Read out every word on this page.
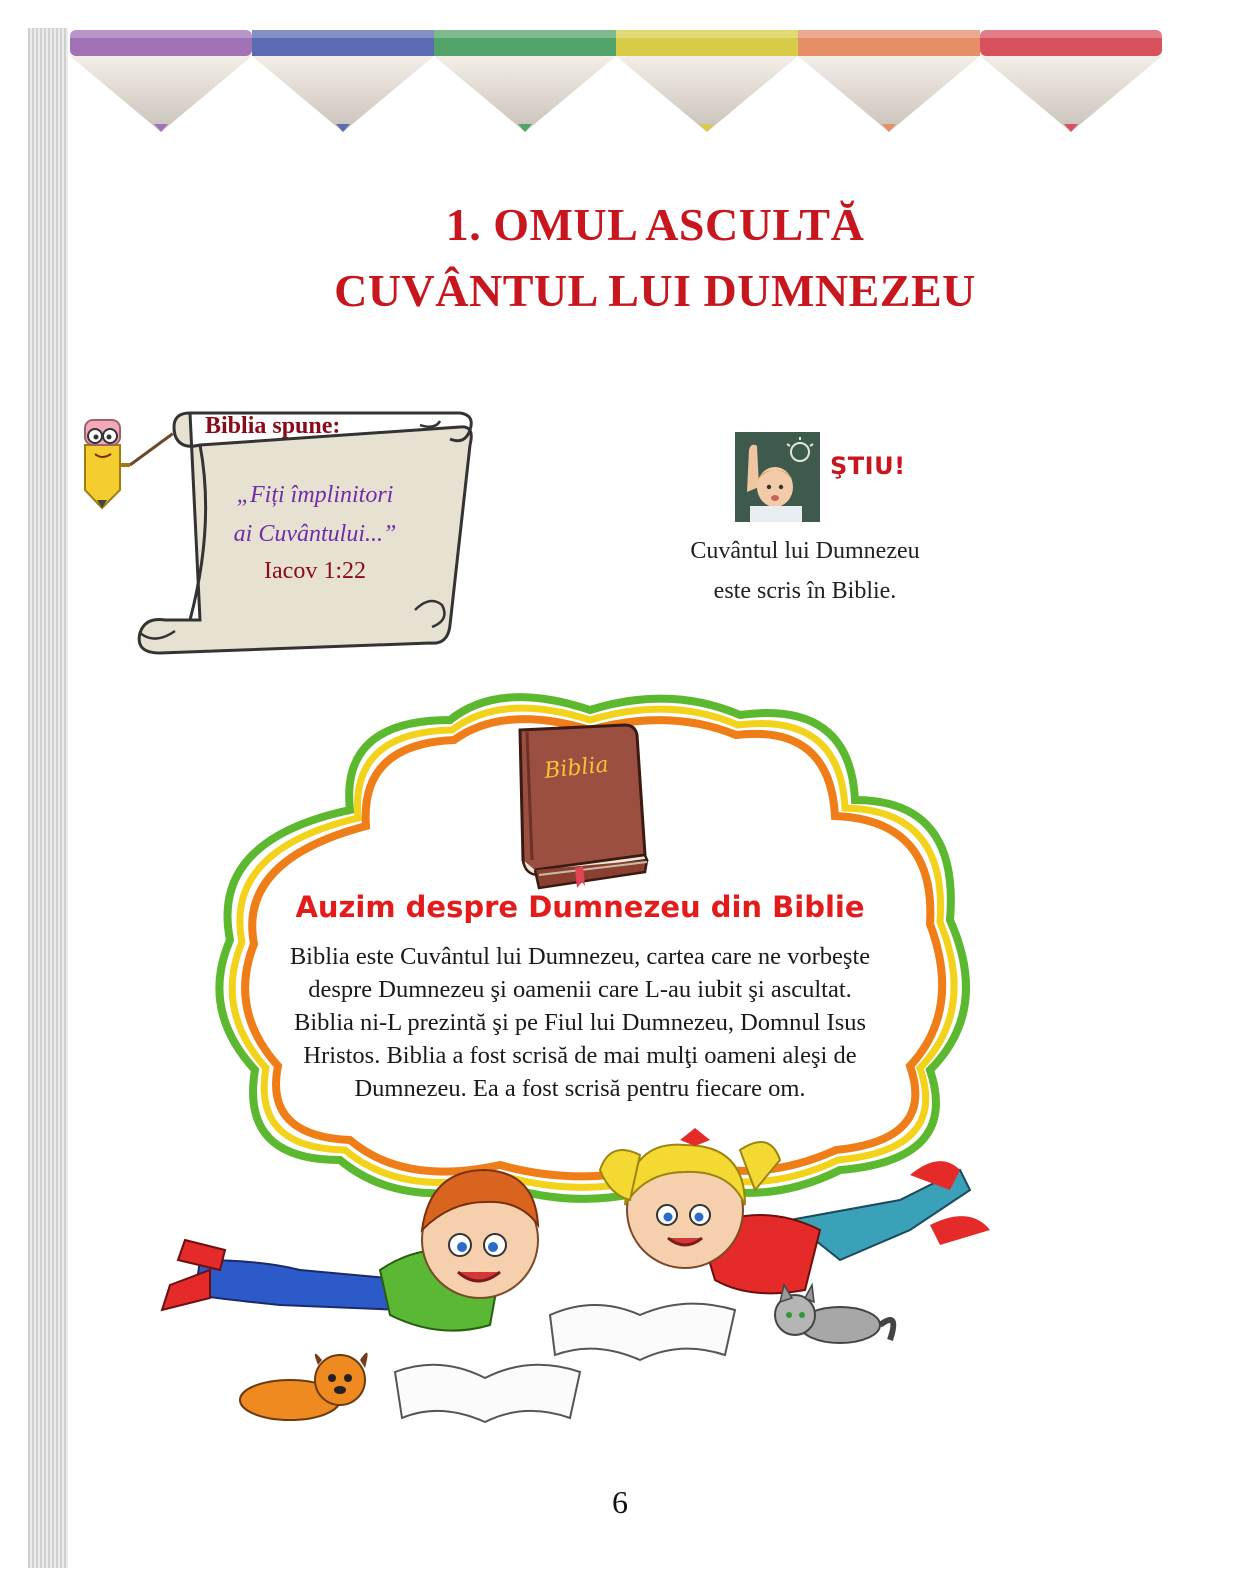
1. OMUL ASCULTĂ
CUVÂNTUL LUI DUMNEZEU
Biblia spune:
„Fiți împlinitori
ai Cuvântului...”
Iacov 1:22
ŞTIU!
Cuvântul lui Dumnezeu
este scris în Biblie.
Biblia
Auzim despre Dumnezeu din Biblie
Biblia este Cuvântul lui Dumnezeu, cartea care ne vorbeşte
despre Dumnezeu şi oamenii care L-au iubit şi ascultat.
Biblia ni-L prezintă şi pe Fiul lui Dumnezeu, Domnul Isus
Hristos. Biblia a fost scrisă de mai mulţi oameni aleşi de
Dumnezeu. Ea a fost scrisă pentru fiecare om.
6
